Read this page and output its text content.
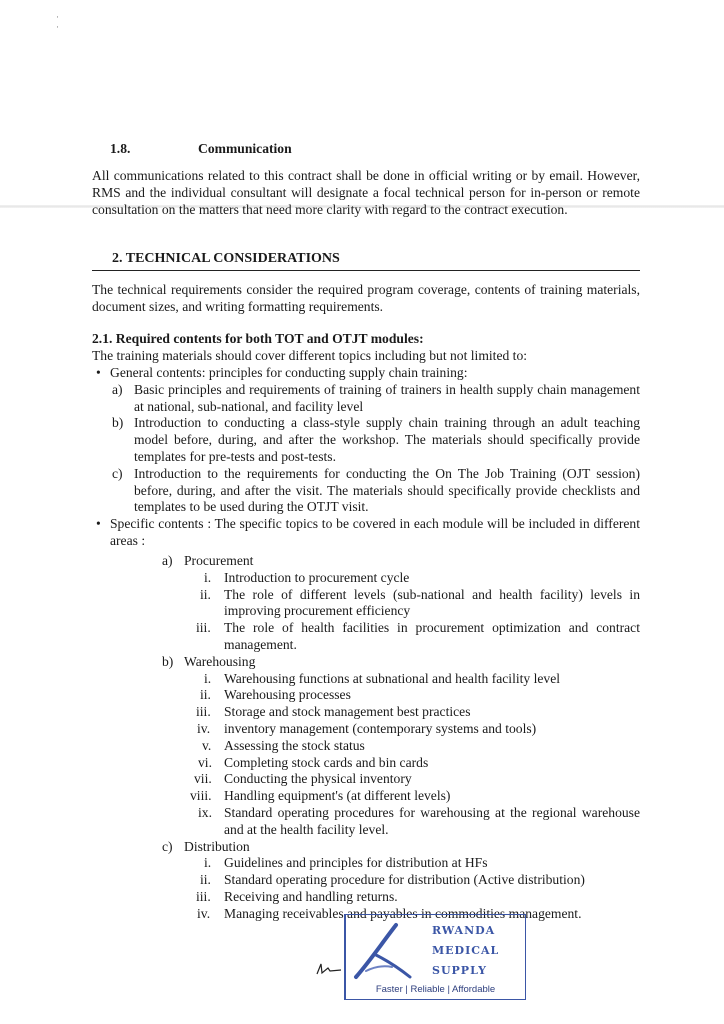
·
·
1.8.	Communication

All communications related to this contract shall be done in official writing or by email. However, RMS and the individual consultant will designate a focal technical person for in-person or remote consultation on the matters that need more clarity with regard to the contract execution.

2. TECHNICAL CONSIDERATIONS

The technical requirements consider the required program coverage, contents of training materials, document sizes, and writing formatting requirements.

2.1. Required contents for both TOT and OTJT modules:
The training materials should cover different topics including but not limited to:
• General contents: principles for conducting supply chain training:
a) Basic principles and requirements of training of trainers in health supply chain management at national, sub-national, and facility level
b) Introduction to conducting a class-style supply chain training through an adult teaching model before, during, and after the workshop. The materials should specifically provide templates for pre-tests and post-tests.
c) Introduction to the requirements for conducting the On The Job Training (OJT session) before, during, and after the visit. The materials should specifically provide checklists and templates to be used during the OTJT visit.
• Specific contents : The specific topics to be covered in each module will be included in different areas :
a) Procurement
i. Introduction to procurement cycle
ii. The role of different levels (sub-national and health facility) levels in improving procurement efficiency
iii. The role of health facilities in procurement optimization and contract management.
b) Warehousing
i. Warehousing functions at subnational and health facility level
ii. Warehousing processes
iii. Storage and stock management best practices
iv. inventory management (contemporary systems and tools)
v. Assessing the stock status
vi. Completing stock cards and bin cards
vii. Conducting the physical inventory
viii. Handling equipment's (at different levels)
ix. Standard operating procedures for warehousing at the regional warehouse and at the health facility level.
c) Distribution
i. Guidelines and principles for distribution at HFs
ii. Standard operating procedure for distribution (Active distribution)
iii. Receiving and handling returns.
iv. Managing receivables and payables in commodities management.
RWANDA
MEDICAL
SUPPLY
Faster | Reliable | Affordable
